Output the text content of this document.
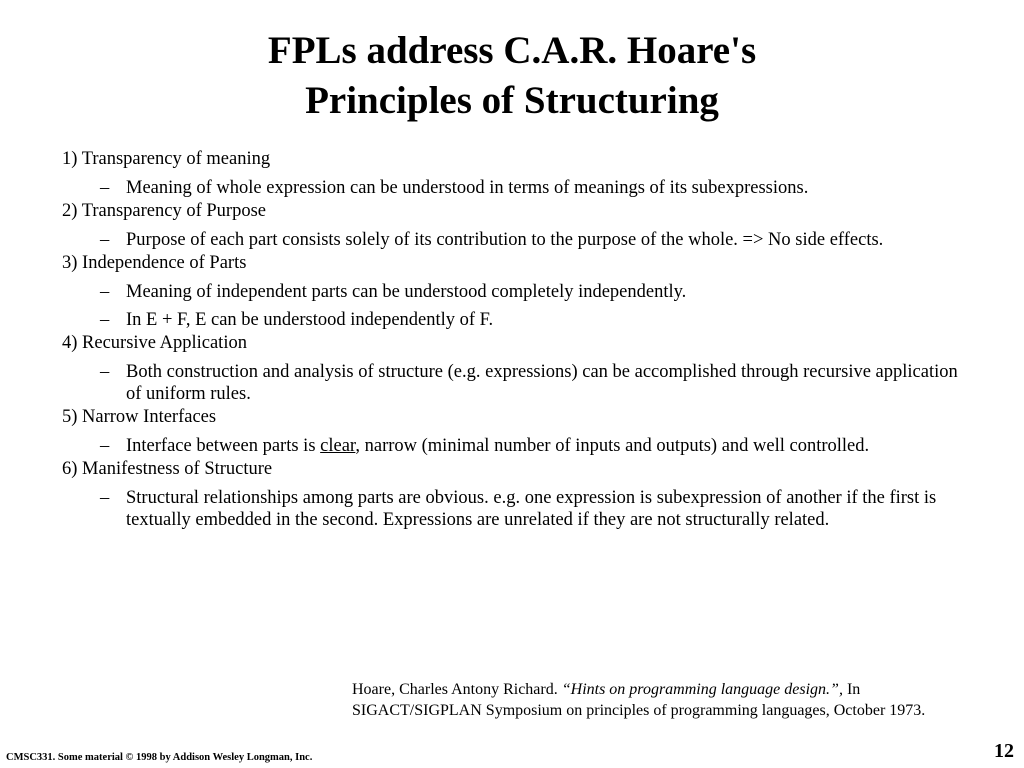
FPLs address C.A.R. Hoare's
Principles of Structuring
1) Transparency of meaning
– Meaning of whole expression can be understood in terms of meanings of its subexpressions.
2) Transparency of Purpose
– Purpose of each part consists solely of its contribution to the purpose of the whole. => No side effects.
3) Independence of Parts
– Meaning of independent parts can be understood completely independently.
– In E + F, E can be understood independently of F.
4) Recursive Application
– Both construction and analysis of structure (e.g. expressions) can be accomplished through recursive application of uniform rules.
5) Narrow Interfaces
– Interface between parts is clear, narrow (minimal number of inputs and outputs) and well controlled.
6) Manifestness of Structure
– Structural relationships among parts are obvious. e.g. one expression is subexpression of another if the first is textually embedded in the second. Expressions are unrelated if they are not structurally related.
Hoare, Charles Antony Richard. “Hints on programming language design.”, In SIGACT/SIGPLAN Symposium on principles of programming languages, October 1973.
CMSC331. Some material © 1998 by Addison Wesley Longman, Inc.	12
